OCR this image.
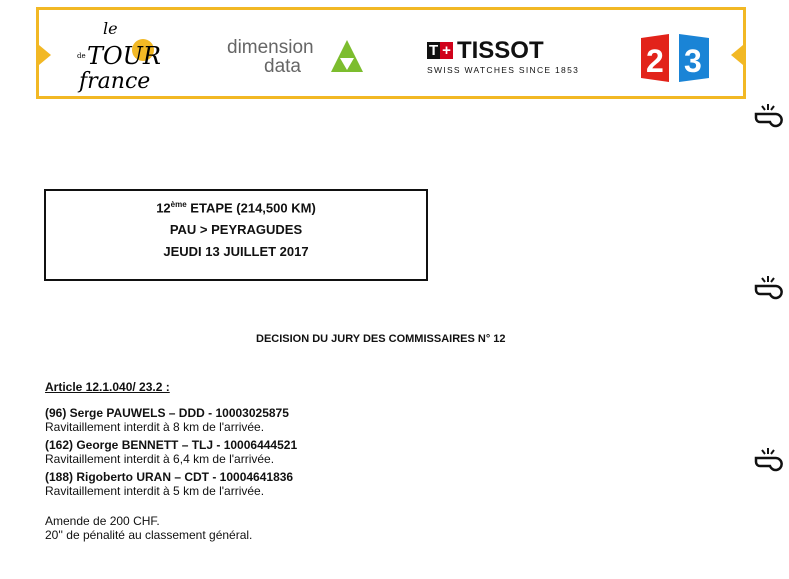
le
de TOUR
france
dimension
data
T + TISSOT
SWISS WATCHES SINCE 1853 2 3
12ème ETAPE (214,500 KM)
PAU > PEYRAGUDES
JEUDI 13 JUILLET 2017
DECISION DU JURY DES COMMISSAIRES N° 12
Article 12.1.040/ 23.2 :
(96) Serge PAUWELS – DDD - 10003025875
Ravitaillement interdit à 8 km de l'arrivée.
(162) George BENNETT – TLJ - 10006444521
Ravitaillement interdit à 6,4 km de l'arrivée.
(188) Rigoberto URAN – CDT - 10004641836
Ravitaillement interdit à 5 km de l'arrivée.
Amende de 200 CHF.
20'' de pénalité au classement général.
